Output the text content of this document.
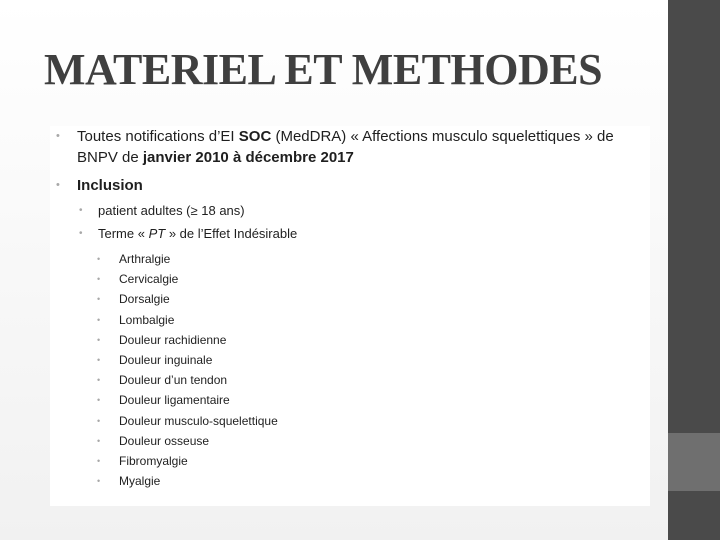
MATERIEL ET METHODES
• Toutes notifications d’EI SOC (MedDRA) « Affections musculo squelettiques » de BNPV de janvier 2010 à décembre 2017
• Inclusion
• patient adultes (≥ 18 ans)
• Terme « PT » de l’Effet Indésirable
• Arthralgie
• Cervicalgie
• Dorsalgie
• Lombalgie
• Douleur rachidienne
• Douleur inguinale
• Douleur d’un tendon
• Douleur ligamentaire
• Douleur musculo-squelettique
• Douleur osseuse
• Fibromyalgie
• Myalgie
